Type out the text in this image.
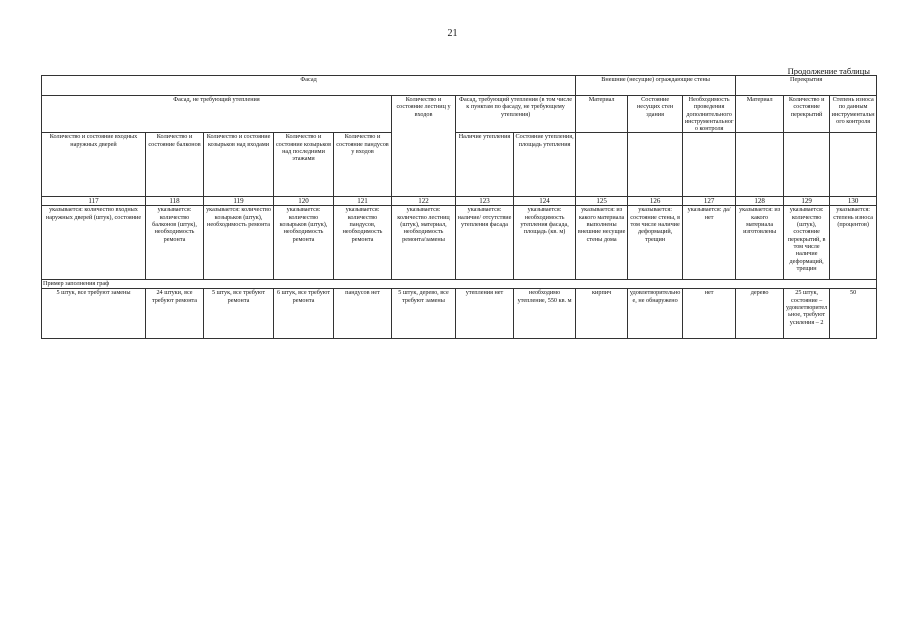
21
Продолжение таблицы
Фасад								Внешние (несущие) ограждающие стены			Перекрытия		
Фасад, не требующий утепления					Количество и состояние лестниц у входов	Фасад, требующий утепления (в том числе к пунктам по фасаду, не требующему утепления)		Материал	Состояние несущих стен здания	Необходимость проведения дополнительного инструментального контроля	Материал	Количество и состояние перекрытий	Степень износа по данным инструментального контроля
Количество и состояние входных наружных дверей	Количество и состояние балконов	Количество и состояние козырьков над входами	Количество и состояние козырьков над последними этажами	Количество и состояние пандусов у входов		Наличие утепления	Состояние утепления, площадь утепления						
117	118	119	120	121	122	123	124	125	126	127	128	129	130
указывается: количество входных наружных дверей (штук), состояние	указывается: количество балконов (штук), необходимость ремонта	указывается: количество козырьков (штук), необходимость ремонта	указывается: количество козырьков (штук), необходимость ремонта	указывается: количество пандусов, необходимость ремонта	указывается: количество лестниц (штук), материал, необходимость ремонта/замены	указывается: наличие/ отсутствие утепления фасада	указывается: необходимость утепления фасада, площадь (кв. м)	указывается: из какого материала выполнены внешние несущие стены дома	указывается: состояние стены, в том числе наличие деформаций, трещин	указывается: да/нет	указывается: из какого материала изготовлены	указывается: количество (штук), состояние перекрытий, в том числе наличие деформаций, трещин	указывается: степень износа (процентов)
Пример заполнения граф													
5 штук, все требуют замены	24 штуки, все требуют ремонта	5 штук, все требуют ремонта	6 штук, все требуют ремонта	пандусов нет	5 штук, дерево, все требуют замены	утепления нет	необходимо утепление, 550 кв. м	кирпич	удовлетворительное, не обнаружено	нет	дерево	25 штук, состояние – удовлетворительное, требуют усиления – 2	50
